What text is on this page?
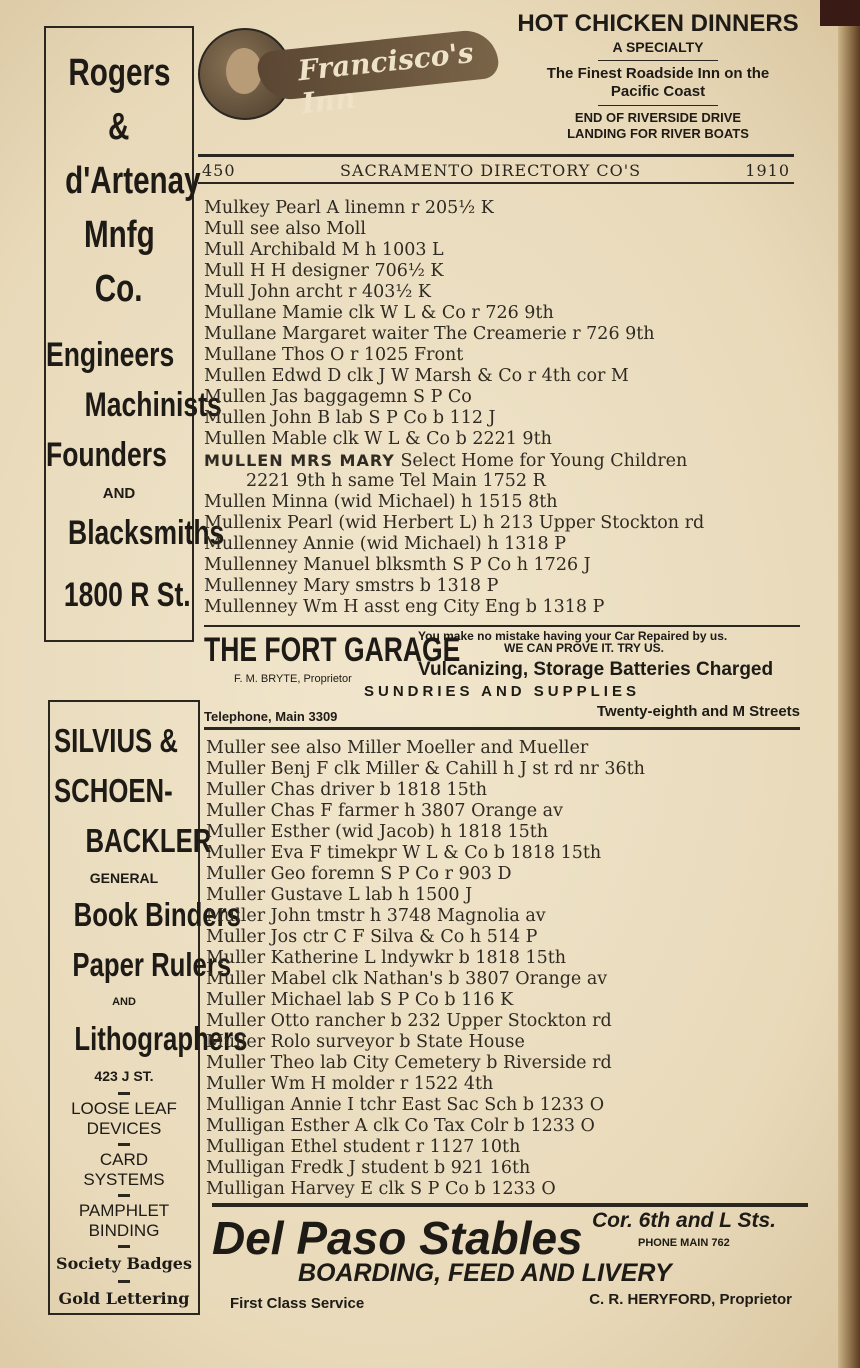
Francisco's Inn
HOT CHICKEN DINNERS
A SPECIALTY
The Finest Roadside Inn on the
Pacific Coast
END OF RIVERSIDE DRIVE
LANDING FOR RIVER BOATS
450	SACRAMENTO DIRECTORY CO'S	1910
Rogers
&
d'Artenay
Mnfg
Co.
Engineers
Machinists
Founders
AND
Blacksmiths
1800 R St.
SILVIUS &
SCHOEN-
BACKLER
GENERAL
Book Binders
Paper Rulers
AND
Lithographers
423 J ST.
LOOSE LEAF
DEVICES
CARD
SYSTEMS
PAMPHLET
BINDING
Society Badges
Gold Lettering
Mulkey Pearl A linemn r 205½ K
Mull see also Moll
Mull Archibald M h 1003 L
Mull H H designer 706½ K
Mull John archt r 403½ K
Mullane Mamie clk W L & Co r 726 9th
Mullane Margaret waiter The Creamerie r 726 9th
Mullane Thos O r 1025 Front
Mullen Edwd D clk J W Marsh & Co r 4th cor M
Mullen Jas baggagemn S P Co
Mullen John B lab S P Co b 112 J
Mullen Mable clk W L & Co b 2221 9th
MULLEN MRS MARY Select Home for Young Children
2221 9th h same Tel Main 1752 R
Mullen Minna (wid Michael) h 1515 8th
Mullenix Pearl (wid Herbert L) h 213 Upper Stockton rd
Mullenney Annie (wid Michael) h 1318 P
Mullenney Manuel blksmth S P Co h 1726 J
Mullenney Mary smstrs b 1318 P
Mullenney Wm H asst eng City Eng b 1318 P
THE FORT GARAGE
F. M. BRYTE, Proprietor
You make no mistake having your Car Repaired by us.
WE CAN PROVE IT. TRY US.
Vulcanizing, Storage Batteries Charged
SUNDRIES AND SUPPLIES
Telephone, Main 3309	Twenty-eighth and M Streets
Muller see also Miller Moeller and Mueller
Muller Benj F clk Miller & Cahill h J st rd nr 36th
Muller Chas driver b 1818 15th
Muller Chas F farmer h 3807 Orange av
Muller Esther (wid Jacob) h 1818 15th
Muller Eva F timekpr W L & Co b 1818 15th
Muller Geo foremn S P Co r 903 D
Muller Gustave L lab h 1500 J
Muller John tmstr h 3748 Magnolia av
Muller Jos ctr C F Silva & Co h 514 P
Muller Katherine L lndywkr b 1818 15th
Muller Mabel clk Nathan's b 3807 Orange av
Muller Michael lab S P Co b 116 K
Muller Otto rancher b 232 Upper Stockton rd
Muller Rolo surveyor b State House
Muller Theo lab City Cemetery b Riverside rd
Muller Wm H molder r 1522 4th
Mulligan Annie I tchr East Sac Sch b 1233 O
Mulligan Esther A clk Co Tax Colr b 1233 O
Mulligan Ethel student r 1127 10th
Mulligan Fredk J student b 921 16th
Mulligan Harvey E clk S P Co b 1233 O
Del Paso Stables Cor. 6th and L Sts.
PHONE MAIN 762
BOARDING, FEED AND LIVERY
First Class Service	C. R. HERYFORD, Proprietor
